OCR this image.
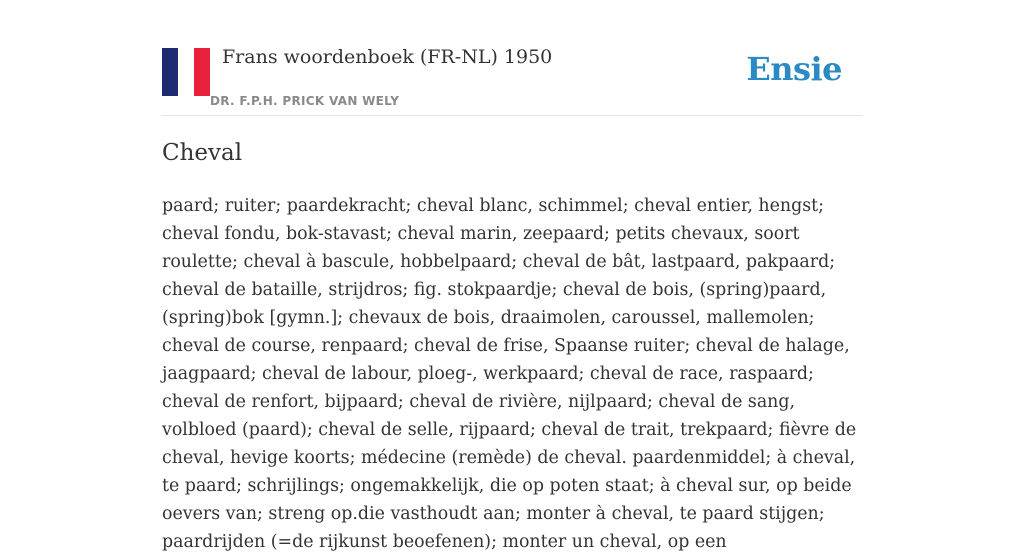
Frans woordenboek (FR-NL) 1950
DR. F.P.H. PRICK VAN WELY
Ensie
Cheval

paard; ruiter; paardekracht; cheval blanc, schimmel; cheval entier, hengst; cheval fondu, bok-stavast; cheval marin, zeepaard; petits chevaux, soort roulette; cheval à bascule, hobbelpaard; cheval de bât, lastpaard, pakpaard; cheval de bataille, strijdros; fig. stokpaardje; cheval de bois, (spring)paard, (spring)bok [gymn.]; chevaux de bois, draaimolen, caroussel, mallemolen; cheval de course, renpaard; cheval de frise, Spaanse ruiter; cheval de halage, jaagpaard; cheval de labour, ploeg-, werkpaard; cheval de race, raspaard; cheval de renfort, bijpaard; cheval de rivière, nijlpaard; cheval de sang, volbloed (paard); cheval de selle, rijpaard; cheval de trait, trekpaard; fièvre de cheval, hevige koorts; médecine (remède) de cheval. paardenmiddel; à cheval, te paard; schrijlings; ongemakkelijk, die op poten staat; à cheval sur, op beide oevers van; streng op.die vasthoudt aan; monter à cheval, te paard stijgen; paardrijden (=de rijkunst beoefenen); monter un cheval, op een
